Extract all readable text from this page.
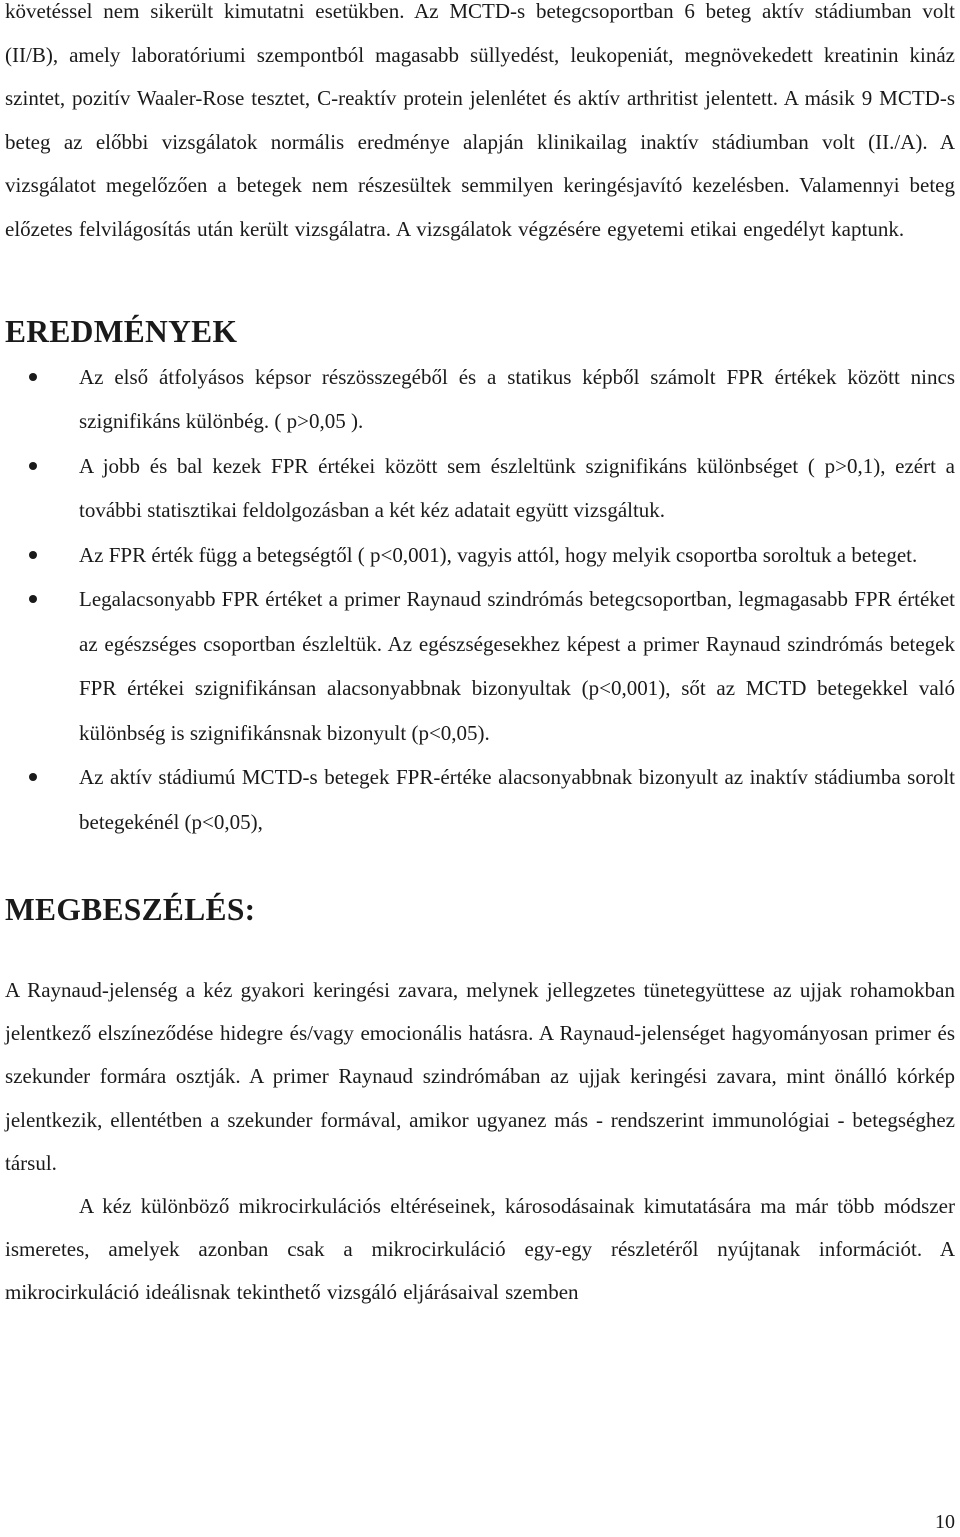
követéssel nem sikerült kimutatni esetükben. Az MCTD-s betegcsoportban 6 beteg aktív stádiumban volt (II/B), amely laboratóriumi szempontból magasabb süllyedést, leukopeniát, megnövekedett kreatinin kináz szintet, pozitív Waaler-Rose tesztet, C-reaktív protein jelenlétet és aktív arthritist jelentett. A másik 9 MCTD-s beteg az előbbi vizsgálatok normális eredménye alapján klinikailag inaktív stádiumban volt (II./A). A vizsgálatot megelőzően a betegek nem részesültek semmilyen keringésjavító kezelésben. Valamennyi beteg előzetes felvilágosítás után került vizsgálatra. A vizsgálatok végzésére egyetemi etikai engedélyt kaptunk.

EREDMÉNYEK
Az első átfolyásos képsor részösszegéből és a statikus képből számolt FPR értékek között nincs szignifikáns különbég. ( p>0,05 ).
A jobb és bal kezek FPR értékei között sem észleltünk szignifikáns különbséget ( p>0,1), ezért a további statisztikai feldolgozásban a két kéz adatait együtt vizsgáltuk.
Az FPR érték függ a betegségtől ( p<0,001), vagyis attól, hogy melyik csoportba soroltuk a beteget.
Legalacsonyabb FPR értéket a primer Raynaud szindrómás betegcsoportban, legmagasabb FPR értéket az egészséges csoportban észleltük. Az egészségesekhez képest a primer Raynaud szindrómás betegek FPR értékei szignifikánsan alacsonyabbnak bizonyultak (p<0,001), sőt az MCTD betegekkel való különbség is szignifikánsnak bizonyult (p<0,05).
Az aktív stádiumú MCTD-s betegek FPR-értéke alacsonyabbnak bizonyult az inaktív stádiumba sorolt betegekénél (p<0,05),
MEGBESZÉLÉS:

A Raynaud-jelenség a kéz gyakori keringési zavara, melynek jellegzetes tünetegyüttese az ujjak rohamokban jelentkező elszíneződése hidegre és/vagy emocionális hatásra. A Raynaud-jelenséget hagyományosan primer és szekunder formára osztják. A primer Raynaud szindrómában az ujjak keringési zavara, mint önálló kórkép jelentkezik, ellentétben a szekunder formával, amikor ugyanez más - rendszerint immunológiai - betegséghez társul.

A kéz különböző mikrocirkulációs eltéréseinek, károsodásainak kimutatására ma már több módszer ismeretes, amelyek azonban csak a mikrocirkuláció egy-egy részletéről nyújtanak információt. A mikrocirkuláció ideálisnak tekinthető vizsgáló eljárásaival szemben

10
